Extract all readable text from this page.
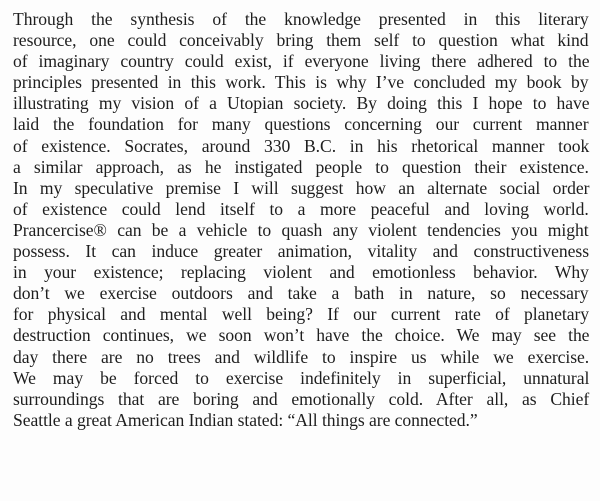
Through the synthesis of the knowledge presented in this literary
resource, one could conceivably bring them self to question what kind
of imaginary country could exist, if everyone living there adhered to the
principles presented in this work. This is why I’ve concluded my book by
illustrating my vision of a Utopian society. By doing this I hope to have
laid the foundation for many questions concerning our current manner
of existence. Socrates, around 330 B.C. in his rhetorical manner took
a similar approach, as he instigated people to question their existence.
In my speculative premise I will suggest how an alternate social order
of existence could lend itself to a more peaceful and loving world.
Prancercise® can be a vehicle to quash any violent tendencies you might
possess. It can induce greater animation, vitality and constructiveness
in your existence; replacing violent and emotionless behavior. Why
don’t we exercise outdoors and take a bath in nature, so necessary
for physical and mental well being? If our current rate of planetary
destruction continues, we soon won’t have the choice. We may see the
day there are no trees and wildlife to inspire us while we exercise.
We may be forced to exercise indefinitely in superficial, unnatural
surroundings that are boring and emotionally cold. After all, as Chief
Seattle a great American Indian stated: “All things are connected.”
